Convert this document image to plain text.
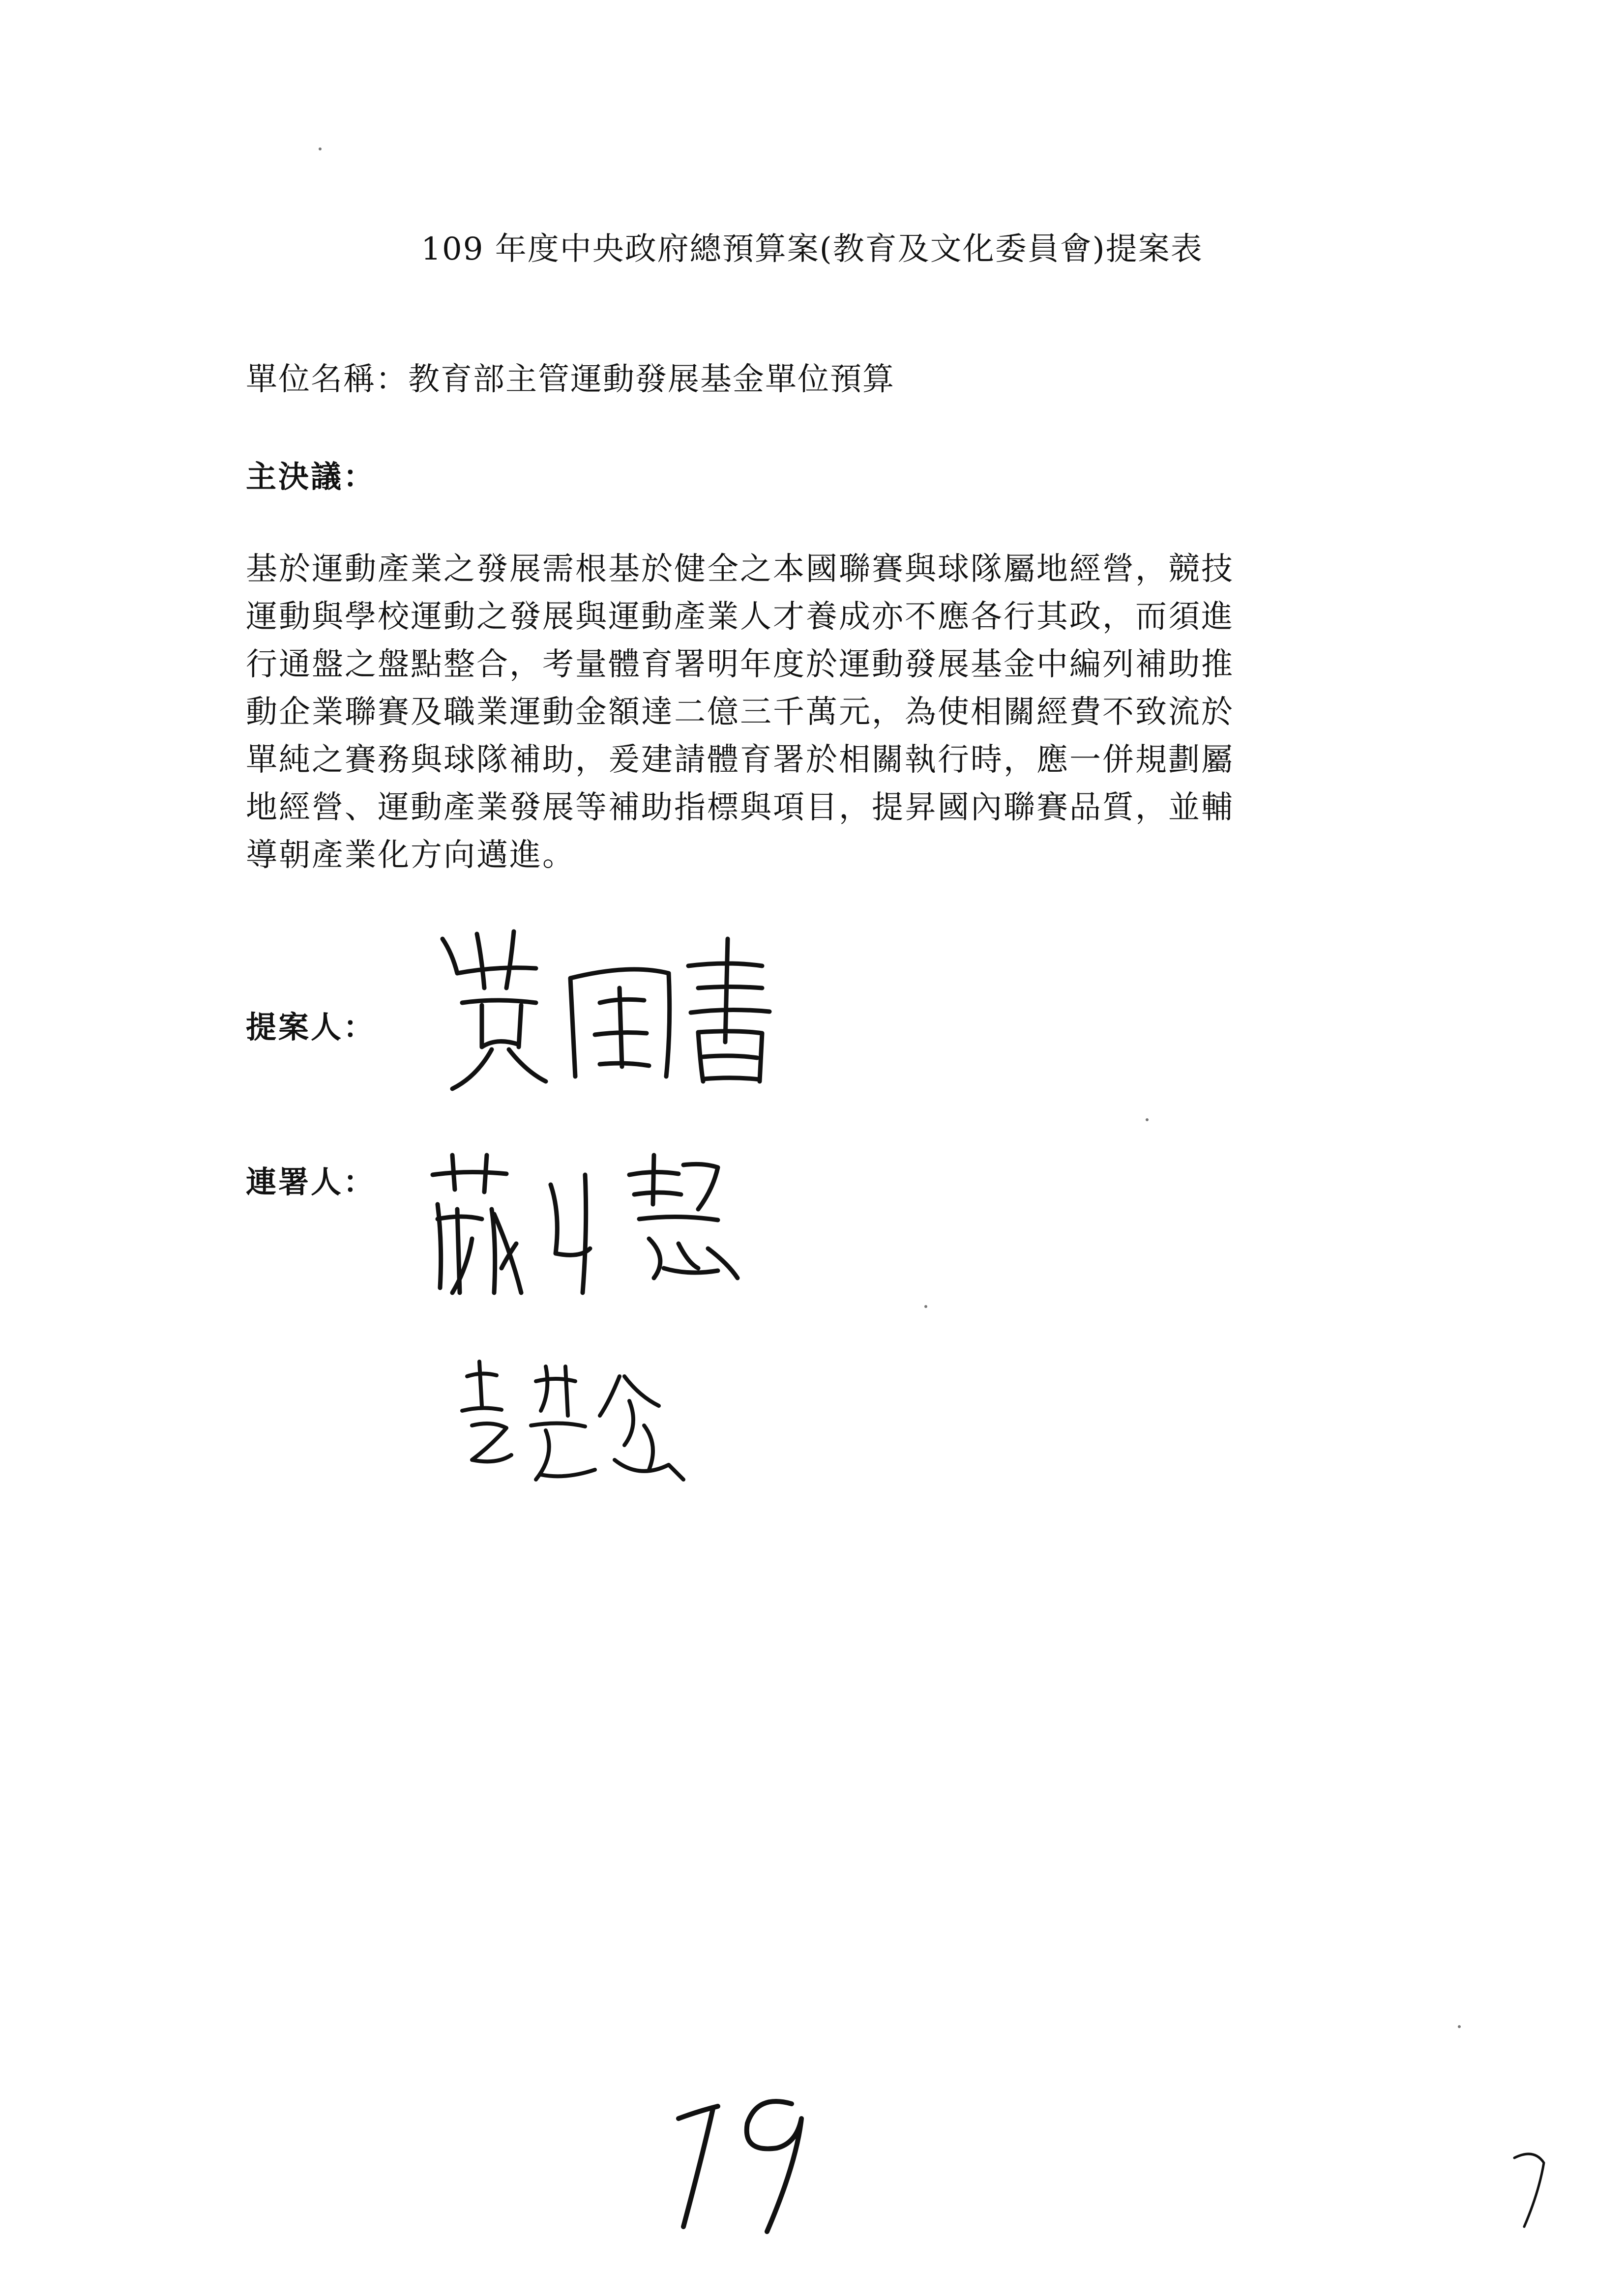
109 年度中央政府總預算案(教育及文化委員會)提案表
單位名稱：教育部主管運動發展基金單位預算
主決議：
基於運動產業之發展需根基於健全之本國聯賽與球隊屬地經營，競技
運動與學校運動之發展與運動產業人才養成亦不應各行其政，而須進
行通盤之盤點整合，考量體育署明年度於運動發展基金中編列補助推
動企業聯賽及職業運動金額達二億三千萬元，為使相關經費不致流於
單純之賽務與球隊補助，爰建請體育署於相關執行時，應一併規劃屬
地經營、運動產業發展等補助指標與項目，提昇國內聯賽品質，並輔
導朝產業化方向邁進。
提案人：
連署人：
